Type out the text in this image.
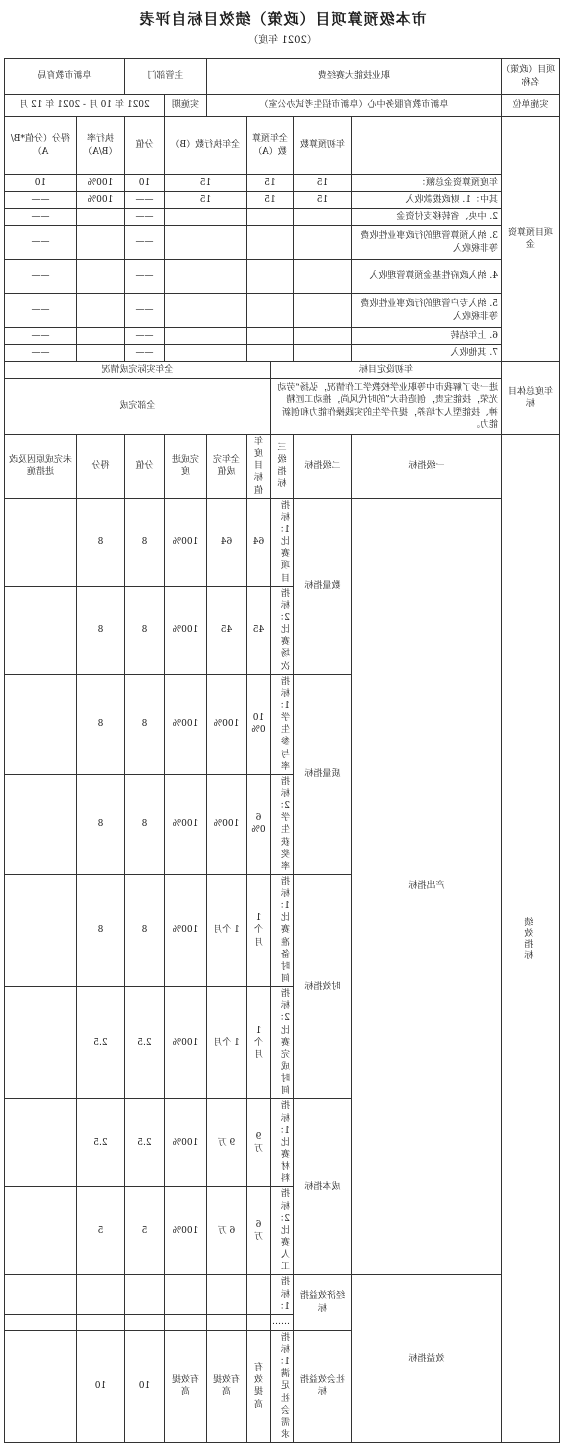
市本级预算项目（政策）绩效目标自评表
（2021 年度）
项目（政策）名称	职业技能大赛经费					主管部门		阜新市教育局	
实施单位	阜新市教育服务中心（阜新市招生考试办公室）					实施期	2021 年 10 月 - 2021 年 12 月		
项目预算资金		年初预算数	全年预算数（A）		全年执行数（B）		分值	执行率（B/A）	得分（分值*B/A）
	年度预算资金总额：	15	15		15		10	100%	10
	其中：1. 财政拨款收入	15	15		15		——	100%	——
	2. 中央、省转移支付资金						——		——
	3. 纳入预算管理的行政事业性收费等非税收入						——		——
	4. 纳入政府性基金预算管理收入						——		——
	5. 纳入专户管理的行政事业性收费等非税收入						——		——
	6. 上年结转						——		——
	7. 其他收入						——		——
年度总体目标	年初设定目标			全年实际完成情况					
	进一步了解我市中等职业学校教学工作情况，弘扬“劳动光荣，技能宝贵，创造伟大”的时代风尚，推动工匠精神、技能型人才培养，提升学生的实践操作能力和创新能力。			全部完成					
绩效指标	一级指标	二级指标	三级指标	年度目标值	全年完成值	完成进度	分值	得分	未完成原因及改进措施
	产出指标	数量指标	指标 1：比赛项目	64	64	100%	8	8	
			指标 2：比赛场次	45	45	100%	8	8	
		质量指标	指标 1：学生参与率	100%	100%	100%	8	8	
			指标 2：学生获奖率	60%	100%	100%	8	8	
		时效指标	指标 1：比赛准备时间	1 个月	1 个月	100%	8	8	
			指标 2：比赛完成时间	1 个月	1 个月	100%	2.5	2.5	
		成本指标	指标 1：比赛材料	9 万	9 万	100%	2.5	2.5	
			指标 2：比赛人工	6 万	6 万	100%	5	5	
	效益指标	经济效益指标	指标 1：						
			……						
		社会效益指标	指标 1：满足社会需求	有效提高	有效提高	有效提高	10	10	
